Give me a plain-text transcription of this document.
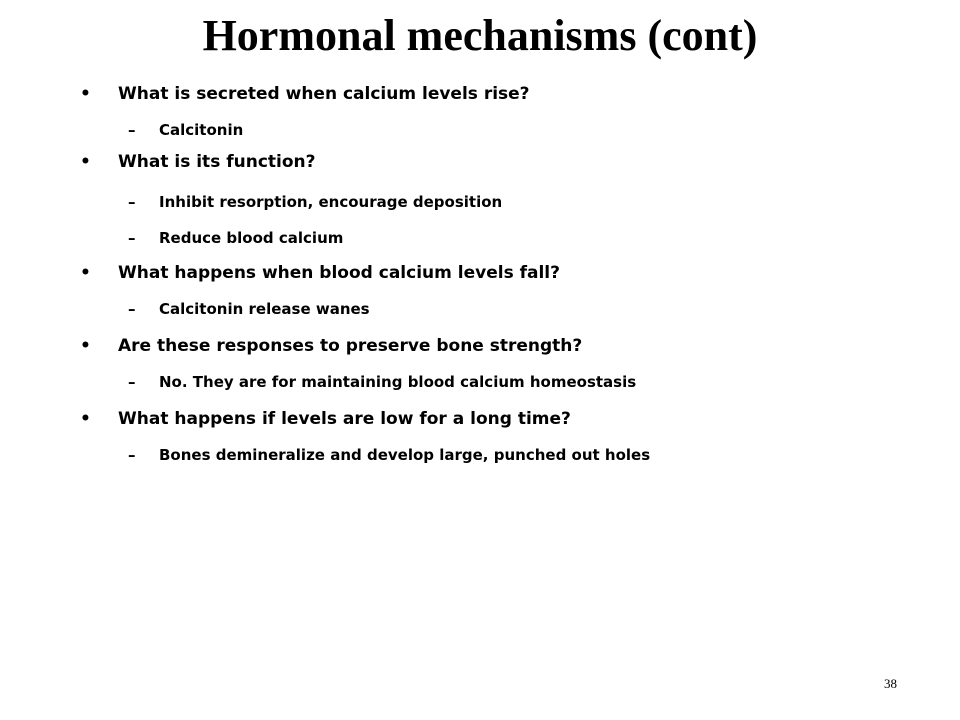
Hormonal mechanisms (cont)
• What is secreted when calcium levels rise?
– Calcitonin
• What is its function?
– Inhibit resorption, encourage deposition
– Reduce blood calcium
• What happens when blood calcium levels fall?
– Calcitonin release wanes
• Are these responses to preserve bone strength?
– No. They are for maintaining blood calcium homeostasis
• What happens if levels are low for a long time?
– Bones demineralize and develop large, punched out holes
38
